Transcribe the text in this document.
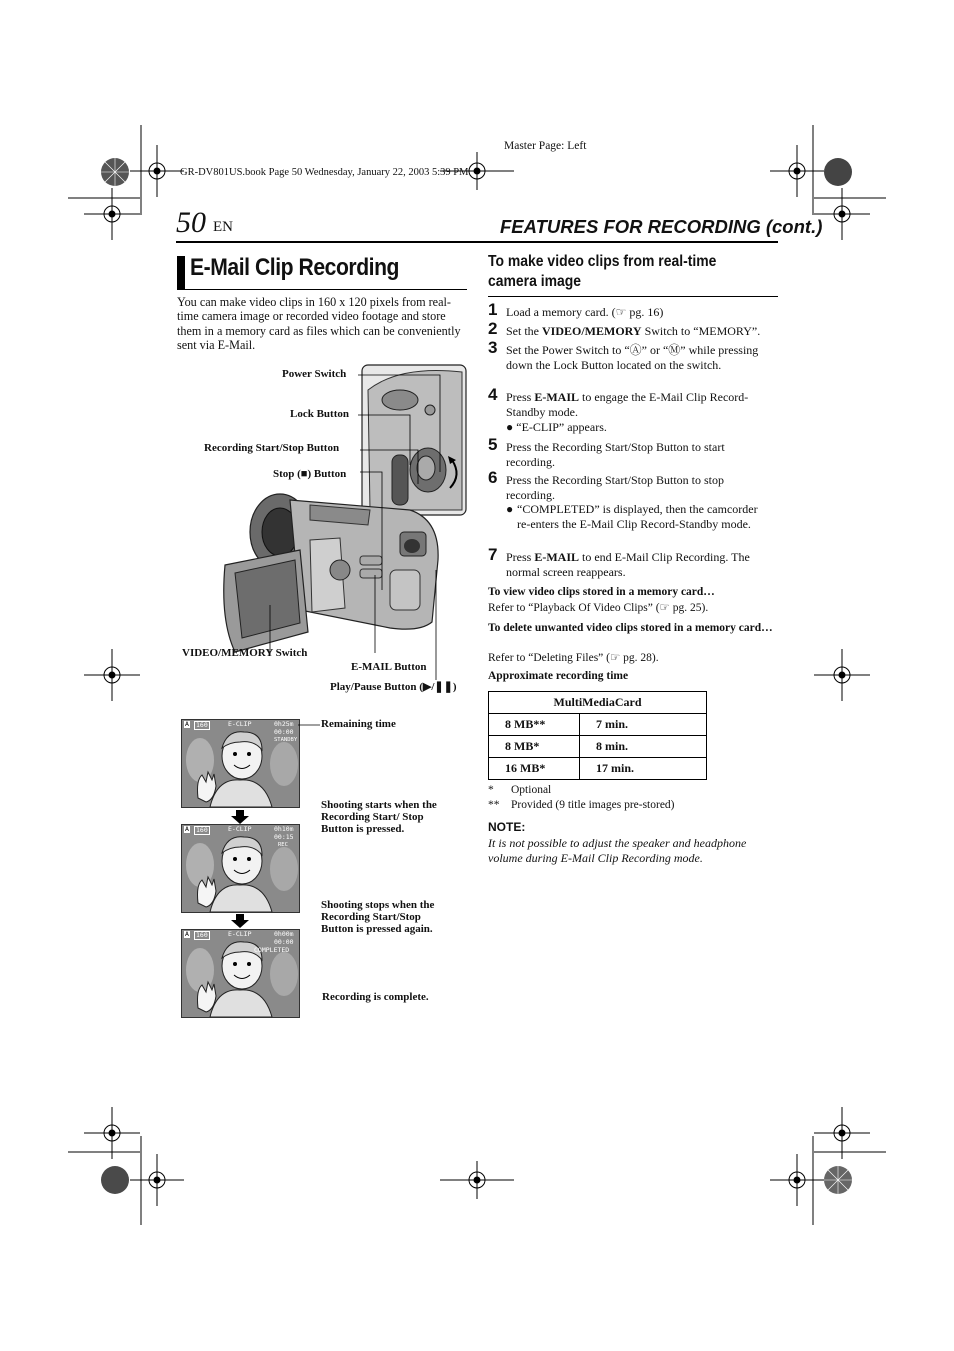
Master Page: Left
GR-DV801US.book Page 50 Wednesday, January 22, 2003 5:39 PM
50 EN	FEATURES FOR RECORDING (cont.)
E-Mail Clip Recording
You can make video clips in 160 x 120 pixels from real-time camera image or recorded video footage and store them in a memory card as files which can be conveniently sent via E-Mail.
Power Switch
Lock Button
Recording Start/Stop Button
Stop (■) Button
VIDEO/MEMORY Switch
E-MAIL Button
Play/Pause Button (▶/❚❚)
A	160	E-CLIP	0h25m
00:00
STANDBY
A	160	E-CLIP	0h10m
00:15
REC
A	160	E-CLIP	0h00m
00:00
COMPLETED
Remaining time
Shooting starts when the Recording Start/ Stop Button is pressed.
Shooting stops when the Recording Start/Stop Button is pressed again.
Recording is complete.
To make video clips from real-time camera image
1 Load a memory card. (☞ pg. 16)
2 Set the VIDEO/MEMORY Switch to “MEMORY”.
3 Set the Power Switch to “Ⓐ” or “Ⓜ” while pressing down the Lock Button located on the switch.
4 Press E-MAIL to engage the E-Mail Clip Record-Standby mode.
● “E-CLIP” appears.
5 Press the Recording Start/Stop Button to start recording.
6 Press the Recording Start/Stop Button to stop recording.
● “COMPLETED” is displayed, then the camcorder re-enters the E-Mail Clip Record-Standby mode.
7 Press E-MAIL to end E-Mail Clip Recording. The normal screen reappears.
To view video clips stored in a memory card…
Refer to “Playback Of Video Clips” (☞ pg. 25).
To delete unwanted video clips stored in a memory card…
Refer to “Deleting Files” (☞ pg. 28).
Approximate recording time
MultiMediaCard	
8 MB**	7 min.
8 MB*	8 min.
16 MB*	17 min.
* Optional
** Provided (9 title images pre-stored)
NOTE:
It is not possible to adjust the speaker and headphone volume during E-Mail Clip Recording mode.
